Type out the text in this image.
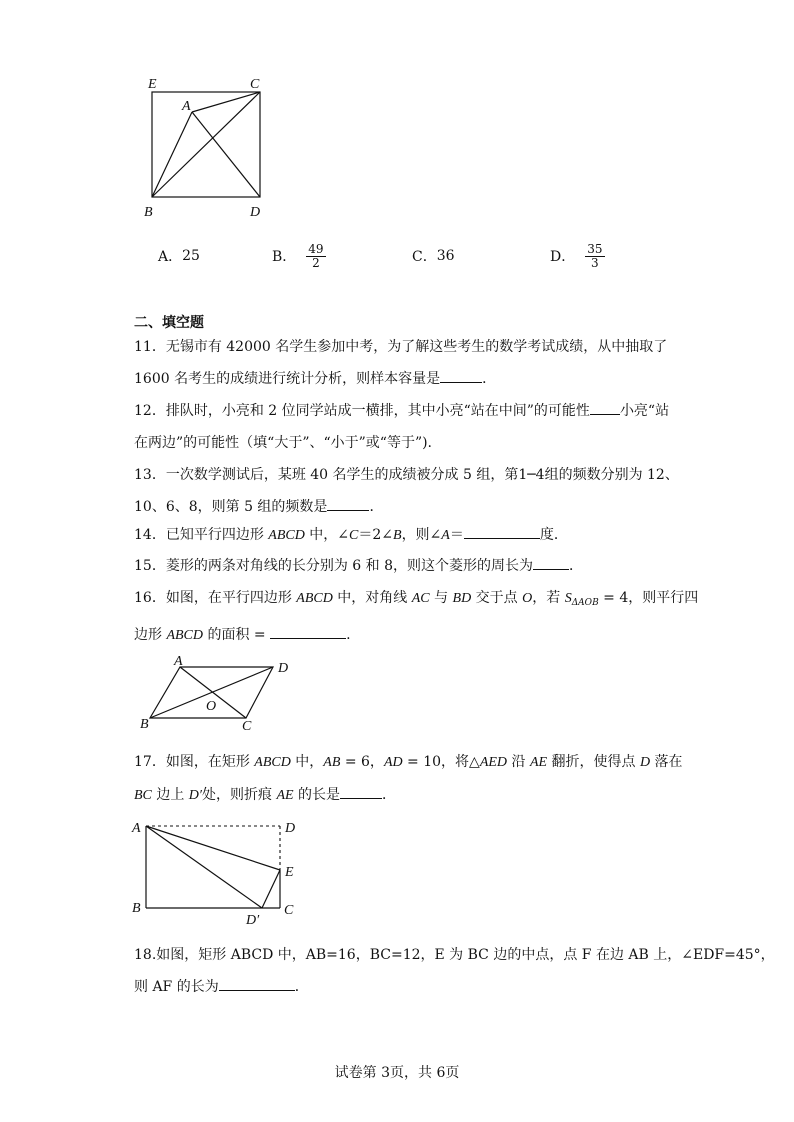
E	C
A
B	D
A． 25	B． $\frac{49}{2}$	C． 36	D． $\frac{35}{3}$
二、填空题
11．无锡市有 42000 名学生参加中考，为了解这些考生的数学考试成绩，从中抽取了
1600 名考生的成绩进行统计分析，则样本容量是	．
12．排队时，小亮和 2 位同学站成一横排，其中小亮“站在中间”的可能性 小亮“站
在两边”的可能性（填“大于”、“小于”或“等于”).
13．一次数学测试后，某班 40 名学生的成绩被分成 5 组，第1─4组的频数分别为 12、
10、6、8，则第 5 组的频数是	．
14．已知平行四边形 ABCD 中，∠C＝2∠B，则∠A＝	度．
15．菱形的两条对角线的长分别为 6 和 8，则这个菱形的周长为	．
16．如图，在平行四边形 ABCD 中，对角线 AC 与 BD 交于点 O，若 $S_{\Delta AOB} = 4$，则平行四
边形 ABCD 的面积 =	.
A	D
O
B	C
17．如图，在矩形 ABCD 中，AB = 6，AD = 10，将△AED 沿 AE 翻折，使得点 D 落在
BC 边上 D′处，则折痕 AE 的长是	．
A	D
E
B
D′
C
18.如图，矩形 ABCD 中，AB=16，BC=12，E 为 BC 边的中点，点 F 在边 AB 上，∠EDF=45°，
则 AF 的长为	．
试卷第 3页，共 6页
